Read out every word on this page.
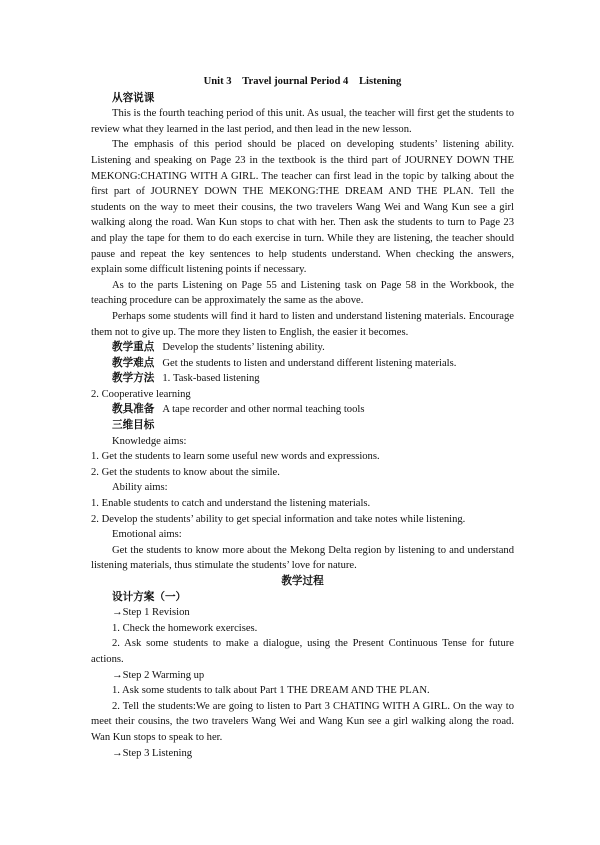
Unit 3 Travel journal Period 4 Listening

从容说课

This is the fourth teaching period of this unit. As usual, the teacher will first get the students to review what they learned in the last period, and then lead in the new lesson.

The emphasis of this period should be placed on developing students’ listening ability. Listening and speaking on Page 23 in the textbook is the third part of JOURNEY DOWN THE MEKONG:CHATING WITH A GIRL. The teacher can first lead in the topic by talking about the first part of JOURNEY DOWN THE MEKONG:THE DREAM AND THE PLAN. Tell the students on the way to meet their cousins, the two travelers Wang Wei and Wang Kun see a girl walking along the road. Wan Kun stops to chat with her. Then ask the students to turn to Page 23 and play the tape for them to do each exercise in turn. While they are listening, the teacher should pause and repeat the key sentences to help students understand. When checking the answers, explain some difficult listening points if necessary.

As to the parts Listening on Page 55 and Listening task on Page 58 in the Workbook, the teaching procedure can be approximately the same as the above.

Perhaps some students will find it hard to listen and understand listening materials. Encourage them not to give up. The more they listen to English, the easier it becomes.

教学重点 Develop the students’ listening ability.

教学难点 Get the students to listen and understand different listening materials.

教学方法 1. Task-based listening

2. Cooperative learning

教具准备 A tape recorder and other normal teaching tools

三维目标

Knowledge aims:

1. Get the students to learn some useful new words and expressions.

2. Get the students to know about the simile.

Ability aims:

1. Enable students to catch and understand the listening materials.

2. Develop the students’ ability to get special information and take notes while listening.

Emotional aims:

Get the students to know more about the Mekong Delta region by listening to and understand listening materials, thus stimulate the students’ love for nature.

教学过程

设计方案（一）

→Step 1 Revision

1. Check the homework exercises.

2. Ask some students to make a dialogue, using the Present Continuous Tense for future actions.

→Step 2 Warming up

1. Ask some students to talk about Part 1 THE DREAM AND THE PLAN.

2. Tell the students:We are going to listen to Part 3 CHATING WITH A GIRL. On the way to meet their cousins, the two travelers Wang Wei and Wang Kun see a girl walking along the road. Wan Kun stops to speak to her.

→Step 3 Listening
